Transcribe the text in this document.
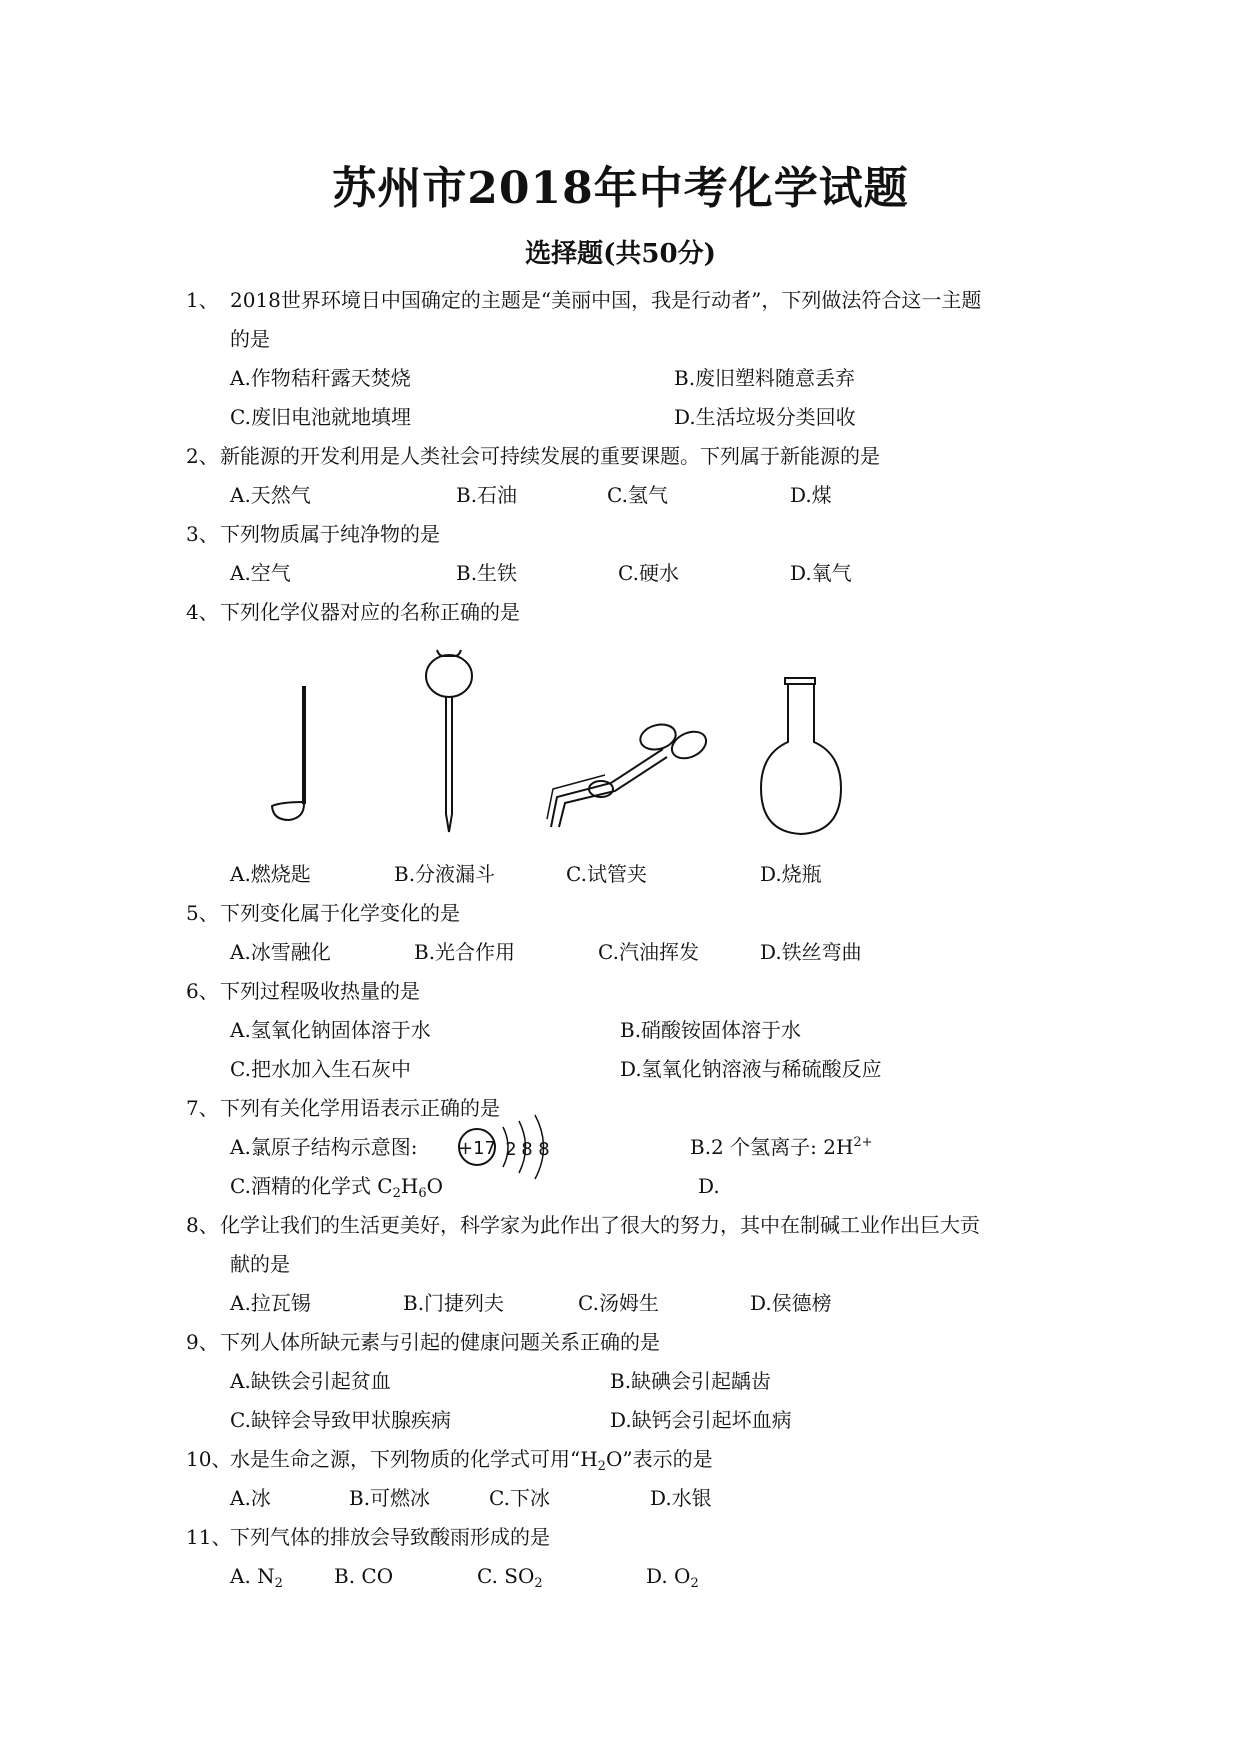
苏州市2018年中考化学试题
选择题(共50分)
1、 2018世界环境日中国确定的主题是“美丽中国，我是行动者”，下列做法符合这一主题
的是
A.作物秸秆露天焚烧	B.废旧塑料随意丢弃
C.废旧电池就地填埋	D.生活垃圾分类回收
2、 新能源的开发利用是人类社会可持续发展的重要课题。下列属于新能源的是
A.天然气	B.石油	C.氢气	D.煤
3、 下列物质属于纯净物的是
A.空气	B.生铁	C.硬水	D.氧气
4、 下列化学仪器对应的名称正确的是
A.燃烧匙	B.分液漏斗	C.试管夹	D.烧瓶
5、 下列变化属于化学变化的是
A.冰雪融化	B.光合作用	C.汽油挥发	D.铁丝弯曲
6、 下列过程吸收热量的是
A.氢氧化钠固体溶于水	B.硝酸铵固体溶于水
C.把水加入生石灰中	D.氢氧化钠溶液与稀硫酸反应
7、 下列有关化学用语表示正确的是
A.氯原子结构示意图: +17 2 8 8	B.2 个氢离子: $2H^{2+}$
C.酒精的化学式 $C_2H_6O$	D.
8、 化学让我们的生活更美好，科学家为此作出了很大的努力，其中在制碱工业作出巨大贡
献的是
A.拉瓦锡	B.门捷列夫	C.汤姆生	D.侯德榜
9、 下列人体所缺元素与引起的健康问题关系正确的是
A.缺铁会引起贫血	B.缺碘会引起龋齿
C.缺锌会导致甲状腺疾病	D.缺钙会引起坏血病
10、
水是生命之源，下列物质的化学式可用“$H_2O$”表示的是
A.冰	B.可燃冰	C.下冰	D.水银
11、
下列气体的排放会导致酸雨形成的是
A. $N_2$	B. CO	C. $SO_2$	D. $O_2$
